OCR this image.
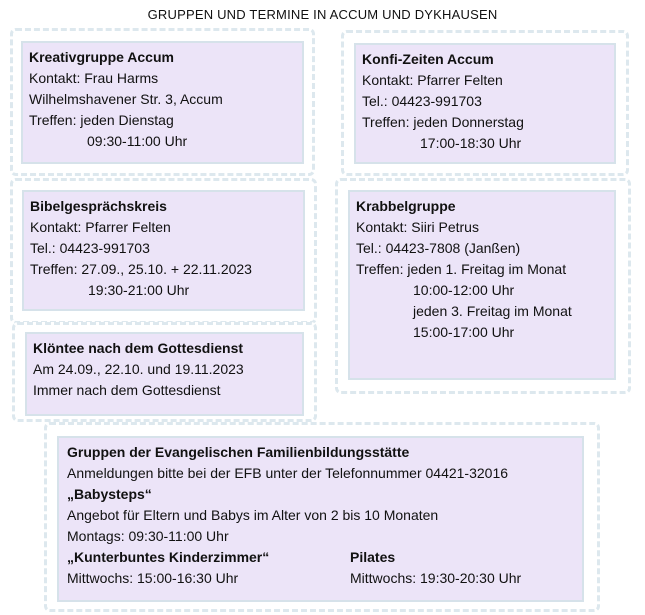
GRUPPEN UND TERMINE IN ACCUM UND DYKHAUSEN
Kreativgruppe Accum
Kontakt: Frau Harms
Wilhelmshavener Str. 3, Accum
Treffen: jeden Dienstag
09:30-11:00 Uhr
Konfi-Zeiten Accum
Kontakt: Pfarrer Felten
Tel.: 04423-991703
Treffen: jeden Donnerstag
17:00-18:30 Uhr
Bibelgesprächskreis
Kontakt: Pfarrer Felten
Tel.: 04423-991703
Treffen: 27.09., 25.10. + 22.11.2023
19:30-21:00 Uhr
Krabbelgruppe
Kontakt: Siiri Petrus
Tel.: 04423-7808 (Janßen)
Treffen: jeden 1. Freitag im Monat
10:00-12:00 Uhr
jeden 3. Freitag im Monat
15:00-17:00 Uhr
Klöntee nach dem Gottesdienst
Am 24.09., 22.10. und 19.11.2023
Immer nach dem Gottesdienst
Gruppen der Evangelischen Familienbildungsstätte
Anmeldungen bitte bei der EFB unter der Telefonnummer 04421-32016
„Babysteps“
Angebot für Eltern und Babys im Alter von 2 bis 10 Monaten
Montags: 09:30-11:00 Uhr
„Kunterbuntes Kinderzimmer“	Pilates
Mittwochs: 15:00-16:30 Uhr	Mittwochs: 19:30-20:30 Uhr
